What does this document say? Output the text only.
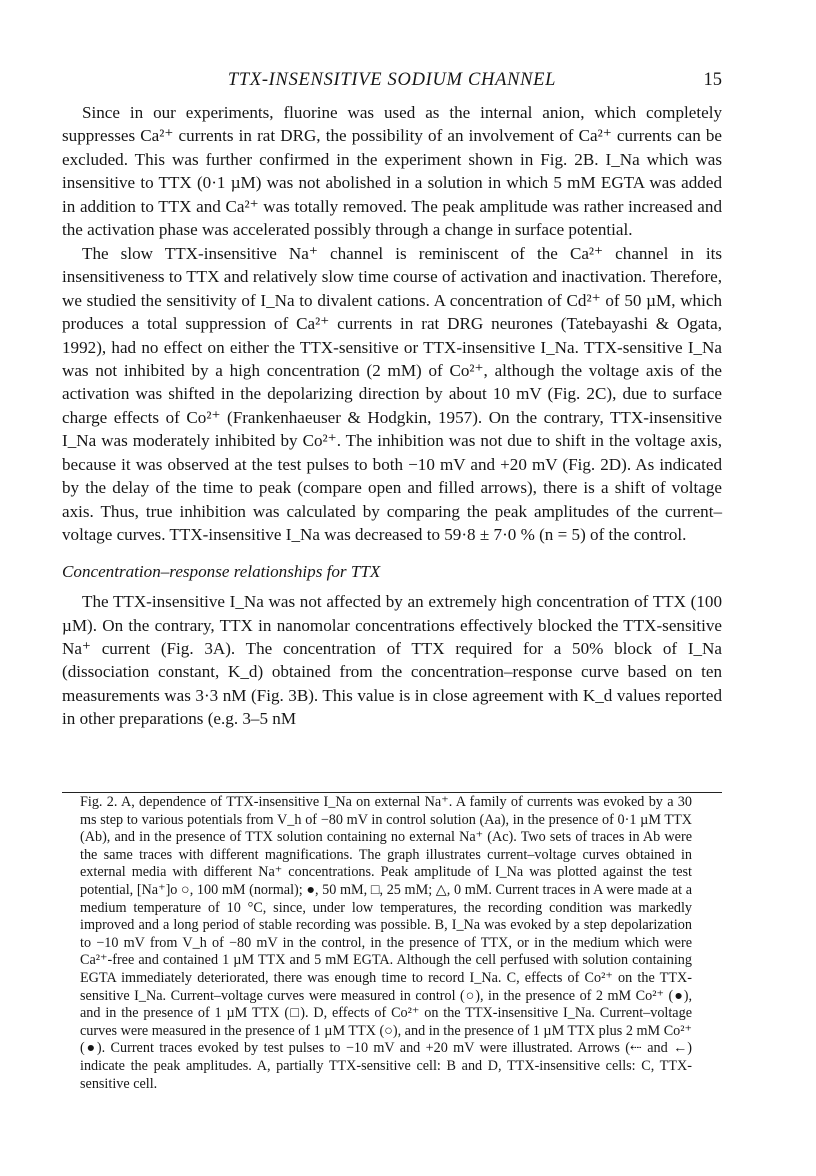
TTX-INSENSITIVE SODIUM CHANNEL	15

Since in our experiments, fluorine was used as the internal anion, which completely suppresses Ca²⁺ currents in rat DRG, the possibility of an involvement of Ca²⁺ currents can be excluded. This was further confirmed in the experiment shown in Fig. 2B. I_Na which was insensitive to TTX (0·1 µM) was not abolished in a solution in which 5 mM EGTA was added in addition to TTX and Ca²⁺ was totally removed. The peak amplitude was rather increased and the activation phase was accelerated possibly through a change in surface potential.

The slow TTX-insensitive Na⁺ channel is reminiscent of the Ca²⁺ channel in its insensitiveness to TTX and relatively slow time course of activation and inactivation. Therefore, we studied the sensitivity of I_Na to divalent cations. A concentration of Cd²⁺ of 50 µM, which produces a total suppression of Ca²⁺ currents in rat DRG neurones (Tatebayashi & Ogata, 1992), had no effect on either the TTX-sensitive or TTX-insensitive I_Na. TTX-sensitive I_Na was not inhibited by a high concentration (2 mM) of Co²⁺, although the voltage axis of the activation was shifted in the depolarizing direction by about 10 mV (Fig. 2C), due to surface charge effects of Co²⁺ (Frankenhaeuser & Hodgkin, 1957). On the contrary, TTX-insensitive I_Na was moderately inhibited by Co²⁺. The inhibition was not due to shift in the voltage axis, because it was observed at the test pulses to both −10 mV and +20 mV (Fig. 2D). As indicated by the delay of the time to peak (compare open and filled arrows), there is a shift of voltage axis. Thus, true inhibition was calculated by comparing the peak amplitudes of the current–voltage curves. TTX-insensitive I_Na was decreased to 59·8 ± 7·0 % (n = 5) of the control.

Concentration–response relationships for TTX

The TTX-insensitive I_Na was not affected by an extremely high concentration of TTX (100 µM). On the contrary, TTX in nanomolar concentrations effectively blocked the TTX-sensitive Na⁺ current (Fig. 3A). The concentration of TTX required for a 50% block of I_Na (dissociation constant, K_d) obtained from the concentration–response curve based on ten measurements was 3·3 nM (Fig. 3B). This value is in close agreement with K_d values reported in other preparations (e.g. 3–5 nM

Fig. 2. A, dependence of TTX-insensitive I_Na on external Na⁺. A family of currents was evoked by a 30 ms step to various potentials from V_h of −80 mV in control solution (Aa), in the presence of 0·1 µM TTX (Ab), and in the presence of TTX solution containing no external Na⁺ (Ac). Two sets of traces in Ab were the same traces with different magnifications. The graph illustrates current–voltage curves obtained in external media with different Na⁺ concentrations. Peak amplitude of I_Na was plotted against the test potential, [Na⁺]o ○, 100 mM (normal); ●, 50 mM, □, 25 mM; △, 0 mM. Current traces in A were made at a medium temperature of 10 °C, since, under low temperatures, the recording condition was markedly improved and a long period of stable recording was possible. B, I_Na was evoked by a step depolarization to −10 mV from V_h of −80 mV in the control, in the presence of TTX, or in the medium which were Ca²⁺-free and contained 1 µM TTX and 5 mM EGTA. Although the cell perfused with solution containing EGTA immediately deteriorated, there was enough time to record I_Na. C, effects of Co²⁺ on the TTX-sensitive I_Na. Current–voltage curves were measured in control (○), in the presence of 2 mM Co²⁺ (●), and in the presence of 1 µM TTX (□). D, effects of Co²⁺ on the TTX-insensitive I_Na. Current–voltage curves were measured in the presence of 1 µM TTX (○), and in the presence of 1 µM TTX plus 2 mM Co²⁺ (●). Current traces evoked by test pulses to −10 mV and +20 mV were illustrated. Arrows (⇠ and ←) indicate the peak amplitudes. A, partially TTX-sensitive cell: B and D, TTX-insensitive cells: C, TTX-sensitive cell.
